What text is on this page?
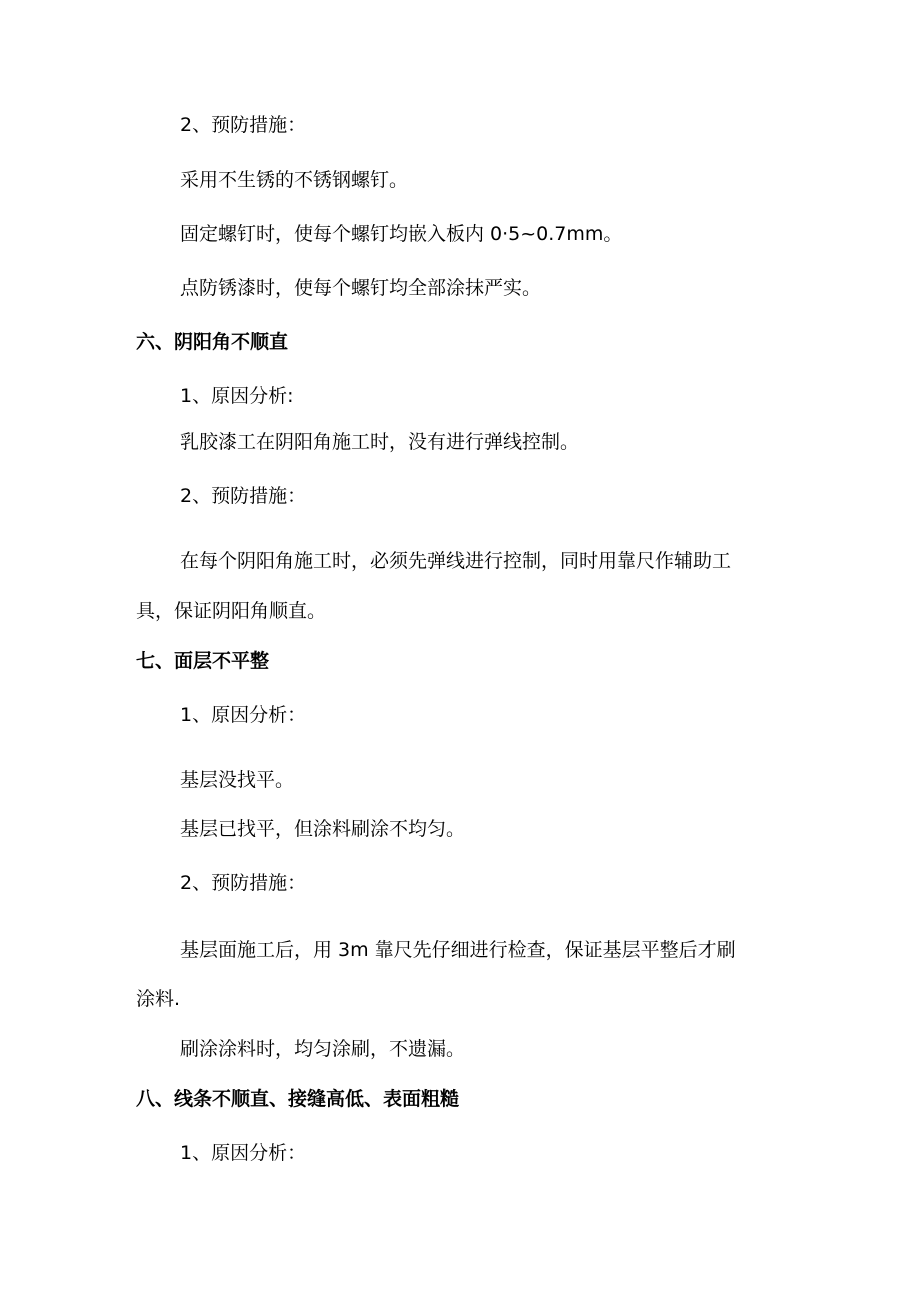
2、预防措施：
采用不生锈的不锈钢螺钉。
固定螺钉时，使每个螺钉均嵌入板内 0·5~0.7mm。
点防锈漆时，使每个螺钉均全部涂抹严实。
六、阴阳角不顺直
1、原因分析:
乳胶漆工在阴阳角施工时，没有进行弹线控制。
2、预防措施：
在每个阴阳角施工时，必须先弹线进行控制，同时用靠尺作辅助工
具，保证阴阳角顺直。
七、面层不平整
1、原因分析：
基层没找平。
基层已找平，但涂料刷涂不均匀。
2、预防措施：
基层面施工后，用 3m 靠尺先仔细进行检查，保证基层平整后才刷
涂料.
刷涂涂料时，均匀涂刷，不遗漏。
八、线条不顺直、接缝高低、表面粗糙
1、原因分析：
